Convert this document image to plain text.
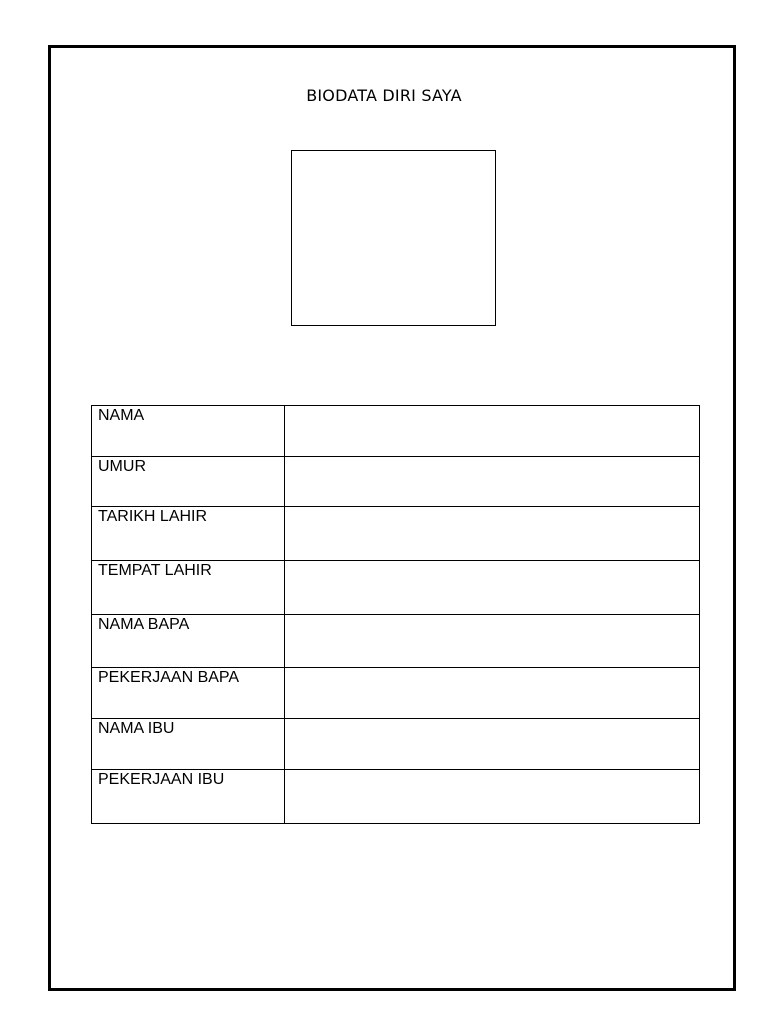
BIODATA DIRI SAYA
NAMA	
UMUR	
TARIKH LAHIR	
TEMPAT LAHIR	
NAMA BAPA	
PEKERJAAN BAPA	
NAMA IBU	
PEKERJAAN IBU	
